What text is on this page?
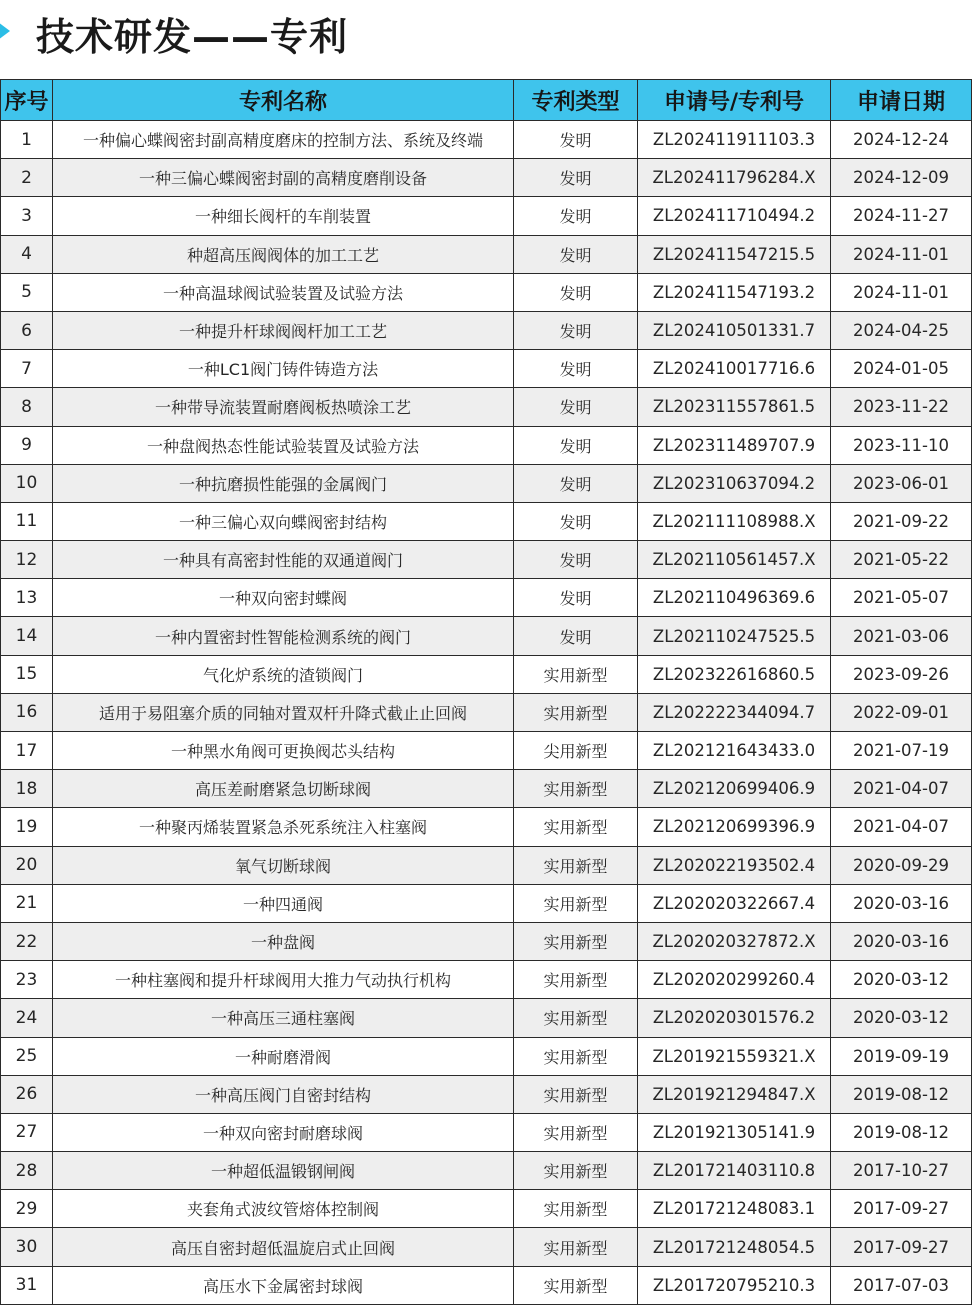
技术研发——专利
序号	专利名称	专利类型	申请号/专利号	申请日期
1	一种偏心蝶阀密封副高精度磨床的控制方法、系统及终端	发明	ZL202411911103.3	2024-12-24
2	一种三偏心蝶阀密封副的高精度磨削设备	发明	ZL202411796284.X	2024-12-09
3	一种细长阀杆的车削装置	发明	ZL202411710494.2	2024-11-27
4	种超高压阀阀体的加工工艺	发明	ZL202411547215.5	2024-11-01
5	一种高温球阀试验装置及试验方法	发明	ZL202411547193.2	2024-11-01
6	一种提升杆球阀阀杆加工工艺	发明	ZL202410501331.7	2024-04-25
7	一种LC1阀门铸件铸造方法	发明	ZL202410017716.6	2024-01-05
8	一种带导流装置耐磨阀板热喷涂工艺	发明	ZL202311557861.5	2023-11-22
9	一种盘阀热态性能试验装置及试验方法	发明	ZL202311489707.9	2023-11-10
10	一种抗磨损性能强的金属阀门	发明	ZL202310637094.2	2023-06-01
11	一种三偏心双向蝶阀密封结构	发明	ZL202111108988.X	2021-09-22
12	一种具有高密封性能的双通道阀门	发明	ZL202110561457.X	2021-05-22
13	一种双向密封蝶阀	发明	ZL202110496369.6	2021-05-07
14	一种内置密封性智能检测系统的阀门	发明	ZL202110247525.5	2021-03-06
15	气化炉系统的渣锁阀门	实用新型	ZL202322616860.5	2023-09-26
16	适用于易阻塞介质的同轴对置双杆升降式截止止回阀	实用新型	ZL202222344094.7	2022-09-01
17	一种黑水角阀可更换阀芯头结构	尖用新型	ZL202121643433.0	2021-07-19
18	高压差耐磨紧急切断球阀	实用新型	ZL202120699406.9	2021-04-07
19	一种聚丙烯装置紧急杀死系统注入柱塞阀	实用新型	ZL202120699396.9	2021-04-07
20	氧气切断球阀	实用新型	ZL202022193502.4	2020-09-29
21	一种四通阀	实用新型	ZL202020322667.4	2020-03-16
22	一种盘阀	实用新型	ZL202020327872.X	2020-03-16
23	一种柱塞阀和提升杆球阀用大推力气动执行机构	实用新型	ZL202020299260.4	2020-03-12
24	一种高压三通柱塞阀	实用新型	ZL202020301576.2	2020-03-12
25	一种耐磨滑阀	实用新型	ZL201921559321.X	2019-09-19
26	一种高压阀门自密封结构	实用新型	ZL201921294847.X	2019-08-12
27	一种双向密封耐磨球阀	实用新型	ZL201921305141.9	2019-08-12
28	一种超低温锻钢闸阀	实用新型	ZL201721403110.8	2017-10-27
29	夹套角式波纹管熔体控制阀	实用新型	ZL201721248083.1	2017-09-27
30	高压自密封超低温旋启式止回阀	实用新型	ZL201721248054.5	2017-09-27
31	高压水下金属密封球阀	实用新型	ZL201720795210.3	2017-07-03
